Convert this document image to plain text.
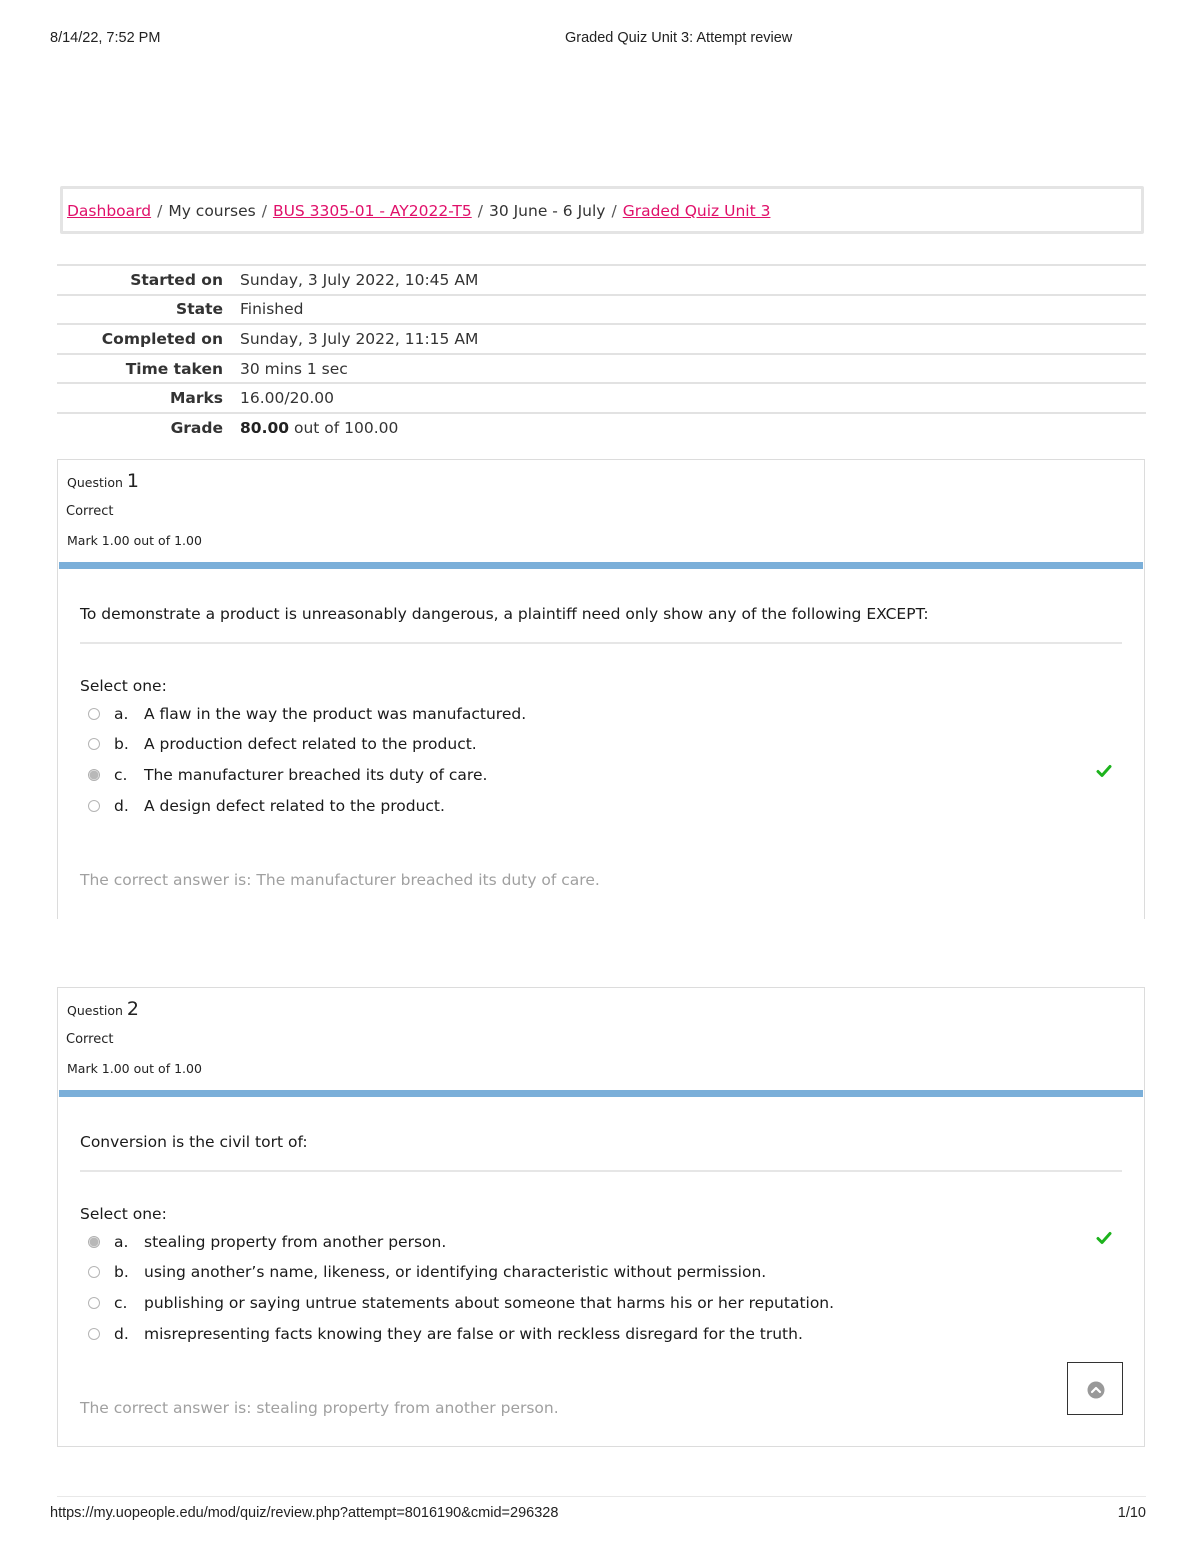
8/14/22, 7:52 PM	Graded Quiz Unit 3: Attempt review
Dashboard / My courses / BUS 3305-01 - AY2022-T5 / 30 June - 6 July / Graded Quiz Unit 3
Started on	Sunday, 3 July 2022, 10:45 AM
State	Finished
Completed on	Sunday, 3 July 2022, 11:15 AM
Time taken	30 mins 1 sec
Marks	16.00/20.00
Grade	80.00 out of 100.00
Question 1
Correct
Mark 1.00 out of 1.00
To demonstrate a product is unreasonably dangerous, a plaintiff need only show any of the following EXCEPT:
Select one:
a. A flaw in the way the product was manufactured.
b. A production defect related to the product.
c. The manufacturer breached its duty of care.
d. A design defect related to the product.
The correct answer is: The manufacturer breached its duty of care.
Question 2
Correct
Mark 1.00 out of 1.00
Conversion is the civil tort of:
Select one:
a. stealing property from another person.
b. using another’s name, likeness, or identifying characteristic without permission.
c. publishing or saying untrue statements about someone that harms his or her reputation.
d. misrepresenting facts knowing they are false or with reckless disregard for the truth.
The correct answer is: stealing property from another person.
https://my.uopeople.edu/mod/quiz/review.php?attempt=8016190&cmid=296328	1/10
